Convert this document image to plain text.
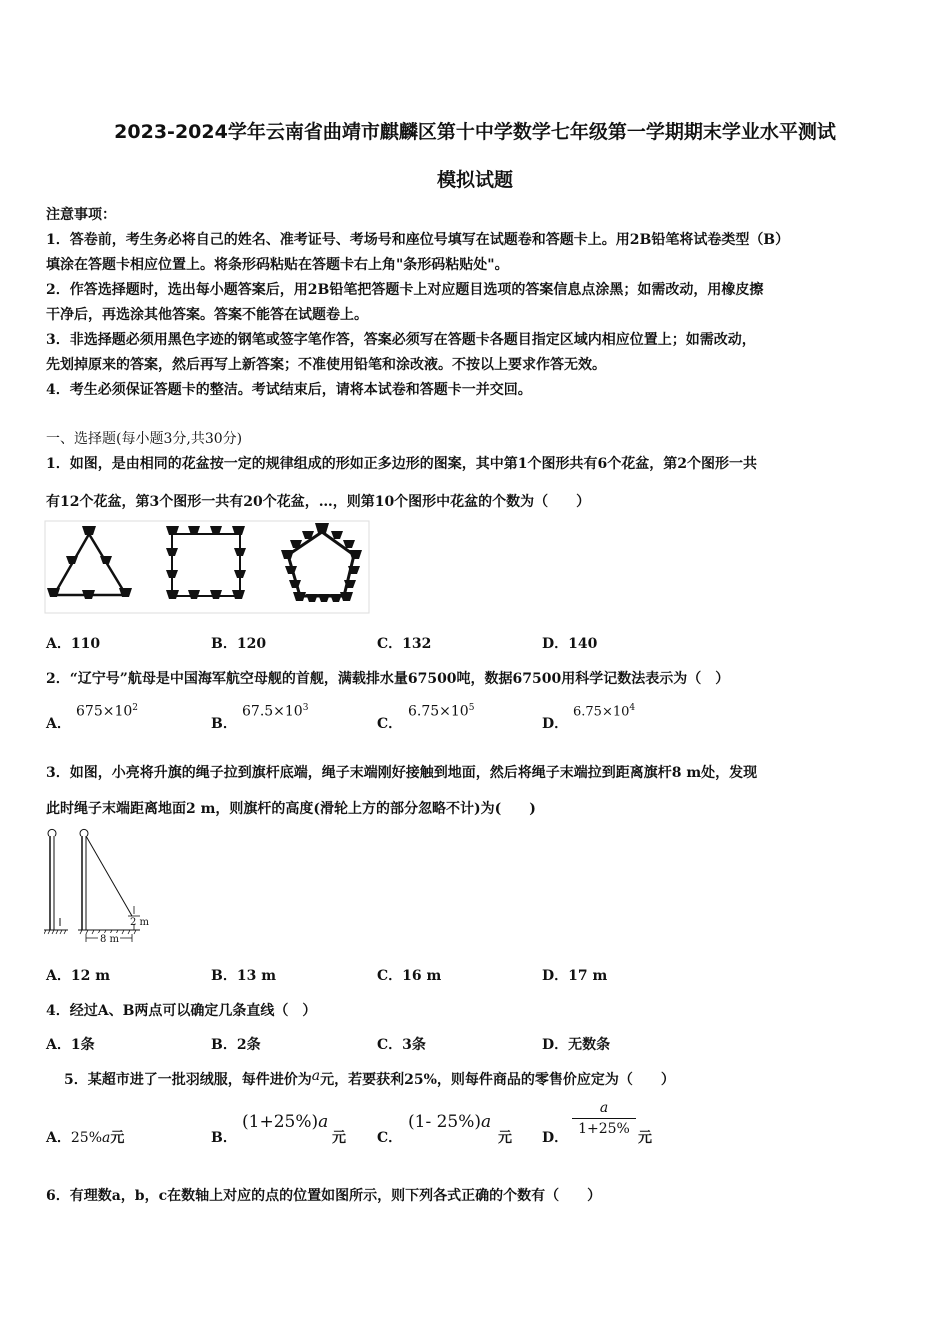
2023-2024学年云南省曲靖市麒麟区第十中学数学七年级第一学期期末学业水平测试
模拟试题
注意事项：
1．答卷前，考生务必将自己的姓名、准考证号、考场号和座位号填写在试题卷和答题卡上。用2B铅笔将试卷类型（B）
填涂在答题卡相应位置上。将条形码粘贴在答题卡右上角"条形码粘贴处"。
2．作答选择题时，选出每小题答案后，用2B铅笔把答题卡上对应题目选项的答案信息点涂黑；如需改动，用橡皮擦
干净后，再选涂其他答案。答案不能答在试题卷上。
3．非选择题必须用黑色字迹的钢笔或签字笔作答，答案必须写在答题卡各题目指定区域内相应位置上；如需改动，
先划掉原来的答案，然后再写上新答案；不准使用铅笔和涂改液。不按以上要求作答无效。
4．考生必须保证答题卡的整洁。考试结束后，请将本试卷和答题卡一并交回。
一、选择题(每小题3分,共30分)
1．如图，是由相同的花盆按一定的规律组成的形如正多边形的图案，其中第1个图形共有6个花盆，第2个图形一共
有12个花盆，第3个图形一共有20个花盆，…，则第10个图形中花盆的个数为（　　）
A．110	B．120	C．132	D．140
2．“辽宁号”航母是中国海军航空母舰的首舰，满载排水量67500吨，数据67500用科学记数法表示为（　）
A．
$675\times 10^2$
B．
$67.5\times 10^3$
C．
$6.75\times 10^5$
D．
$6.75\times 10^4$
3．如图，小亮将升旗的绳子拉到旗杆底端，绳子末端刚好接触到地面，然后将绳子末端拉到距离旗杆8 m处，发现
此时绳子末端距离地面2 m，则旗杆的高度(滑轮上方的部分忽略不计)为(　　)
2 m
8 m
A．12 m	B．13 m	C．16 m	D．17 m
4．经过A、B两点可以确定几条直线（　）
A．1条	B．2条	C．3条	D．无数条
5．某超市进了一批羽绒服，每件进价为a元，若要获利25%，则每件商品的零售价应定为（　　）
A．25%a元	B．
(1+25%)a
元 C．
(1- 25%)a
元 D．
a
1+25%
元
6．有理数a，b，c在数轴上对应的点的位置如图所示，则下列各式正确的个数有（　　）
